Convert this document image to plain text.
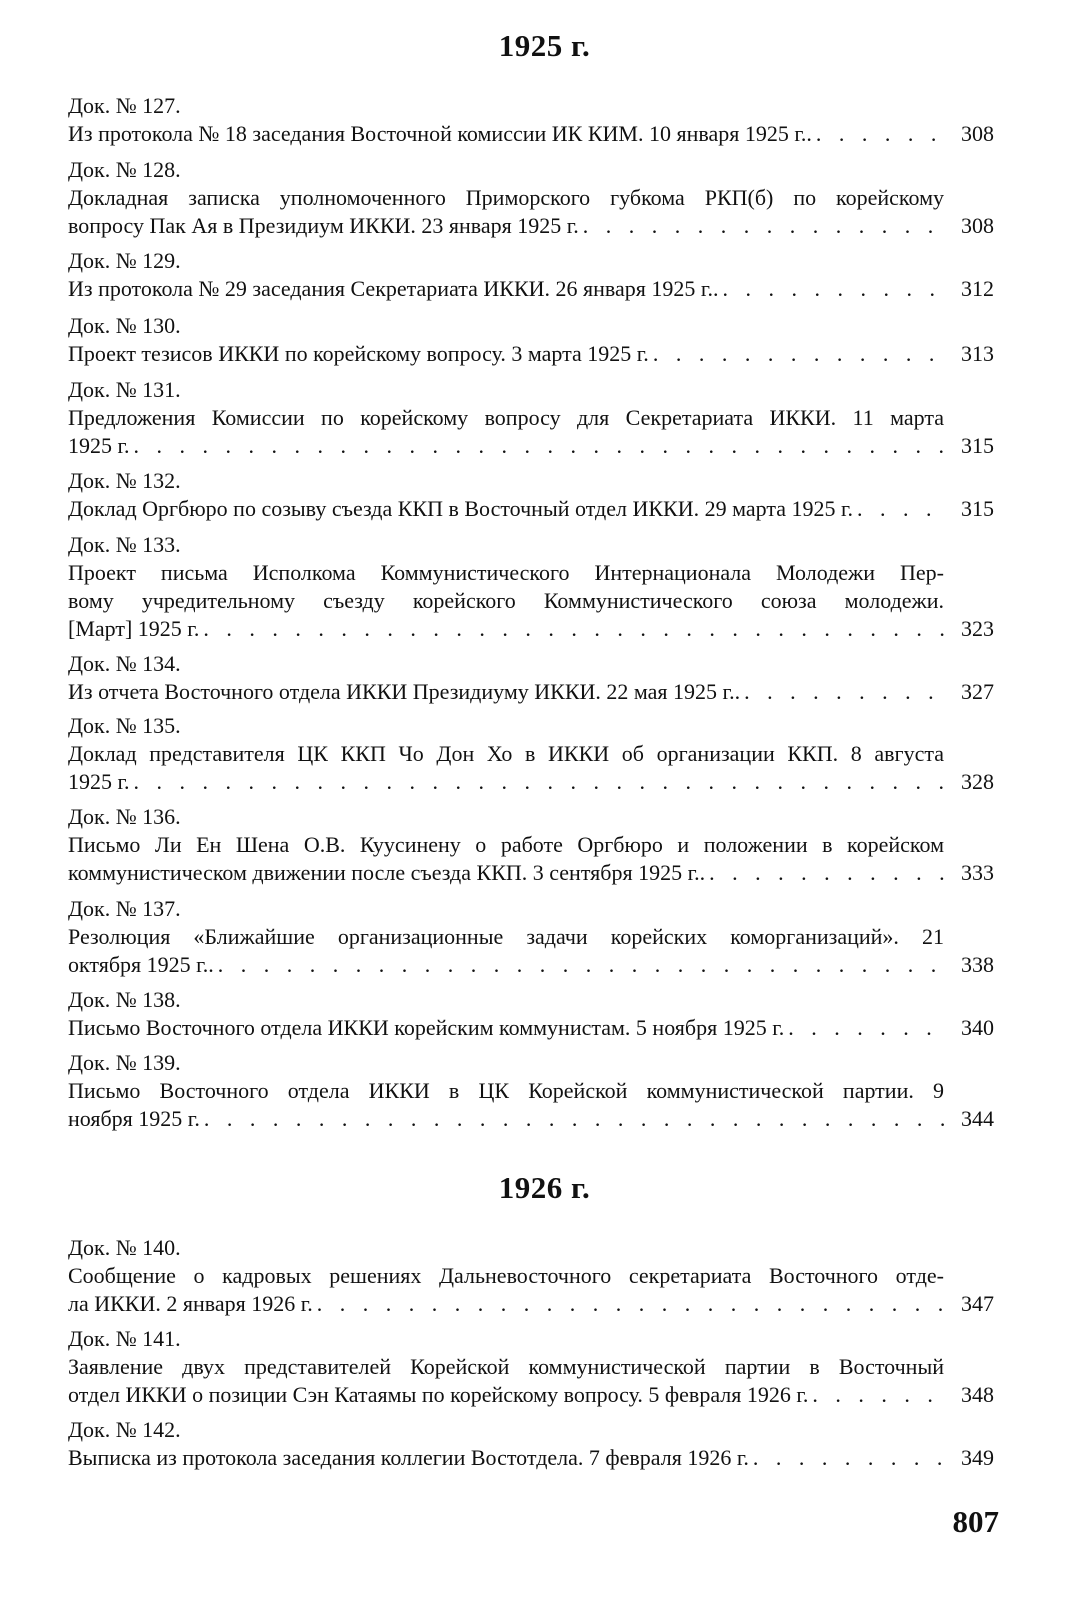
1925 г.
Док. № 127.
Из протокола № 18 заседания Восточной комиссии ИК КИМ. 10 января 1925 г.. . . .	308
Док. № 128.
Докладная записка уполномоченного Приморского губкома РКП(б) по корейскому
вопросу Пак Ая в Президиум ИККИ. 23 января 1925 г. . . .	308
Док. № 129.
Из протокола № 29 заседания Секретариата ИККИ. 26 января 1925 г.. . . .	312
Док. № 130.
Проект тезисов ИККИ по корейскому вопросу. 3 марта 1925 г. . . .	313
Док. № 131.
Предложения Комиссии по корейскому вопросу для Секретариата ИККИ. 11 марта
1925 г. . . .	315
Док. № 132.
Доклад Оргбюро по созыву съезда ККП в Восточный отдел ИККИ. 29 марта 1925 г. . . .	315
Док. № 133.
Проект письма Исполкома Коммунистического Интернационала Молодежи Пер-
вому учредительному съезду корейского Коммунистического союза молодежи.
[Март] 1925 г. . . .	323
Док. № 134.
Из отчета Восточного отдела ИККИ Президиуму ИККИ. 22 мая 1925 г.. . . .	327
Док. № 135.
Доклад представителя ЦК ККП Чо Дон Хо в ИККИ об организации ККП. 8 августа
1925 г. . . .	328
Док. № 136.
Письмо Ли Ен Шена О.В. Куусинену о работе Оргбюро и положении в корейском
коммунистическом движении после съезда ККП. 3 сентября 1925 г.. . . .	333
Док. № 137.
Резолюция «Ближайшие организационные задачи корейских коморганизаций». 21
октября 1925 г.. . . .	338
Док. № 138.
Письмо Восточного отдела ИККИ корейским коммунистам. 5 ноября 1925 г. . . .	340
Док. № 139.
Письмо Восточного отдела ИККИ в ЦК Корейской коммунистической партии. 9
ноября 1925 г. . . .	344
1926 г.
Док. № 140.
Сообщение о кадровых решениях Дальневосточного секретариата Восточного отде-
ла ИККИ. 2 января 1926 г. . . .	347
Док. № 141.
Заявление двух представителей Корейской коммунистической партии в Восточный
отдел ИККИ о позиции Сэн Катаямы по корейскому вопросу. 5 февраля 1926 г. . . .	348
Док. № 142.
Выписка из протокола заседания коллегии Востотдела. 7 февраля 1926 г. . . .	349
807
